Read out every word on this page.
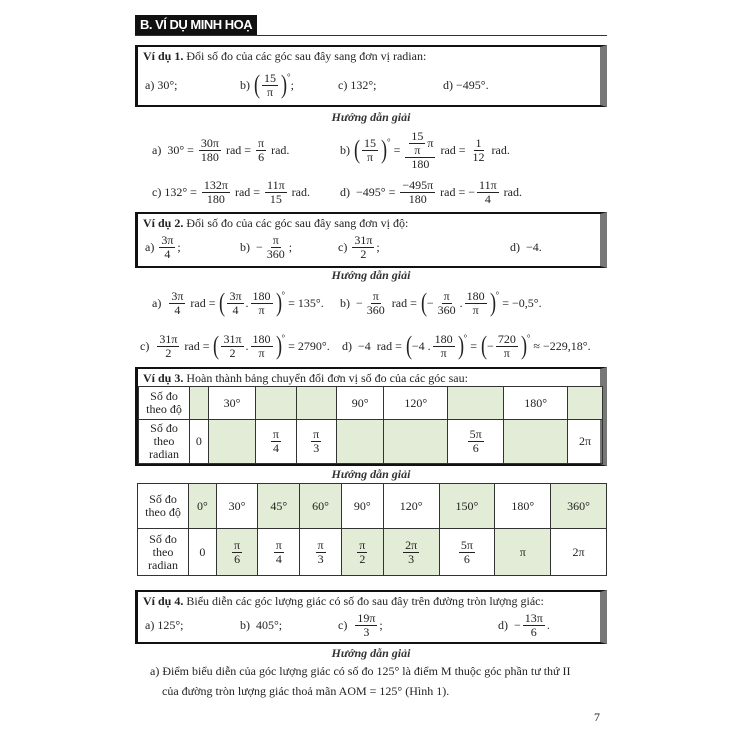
B. VÍ DỤ MINH HOẠ
Ví dụ 1. Đổi số đo của các góc sau đây sang đơn vị radian:
a) 30°;	b) ( $\frac{15}{\pi} )^\circ$
;	c) 132°;	d) −495°.
Hướng dẫn giải
a)  $30^\circ = \frac{30\pi}{180}$ rad = $\frac{\pi}{6}$ rad.	b) ( $\frac{15}{\pi} )^\circ$
= $\frac{\frac{15}{\pi} \pi}{180}$ rad = $\frac{1}{12}$ rad.
c) $132^\circ = \frac{132\pi}{180}$ rad = $\frac{11\pi}{15}$ rad.	$d) -495^\circ = \frac{-495\pi}{180}$ rad = − $\frac{11\pi}{4}$ rad.
Ví dụ 2. Đổi số đo của các góc sau đây sang đơn vị độ:
$a) \frac{3\pi}{4}$ ;	$b) - \frac{\pi}{360}$ ;	$c) \frac{31\pi}{2}$ ;	d)  −4.
Hướng dẫn giải
$a) \frac{3\pi}{4}$ rad = ( $\frac{3\pi}{4}$ . $\frac{180}{\pi} )^\circ$
= 135°. $b) - \frac{\pi}{360}$ rad = ( − $\frac{\pi}{360}$ . $\frac{180}{\pi} )^\circ$
= −0,5°.
$c) \frac{31\pi}{2}$ rad = ( $\frac{31\pi}{2}$ . $\frac{180}{\pi} )^\circ$
= 2790°. d)  −4  rad = ( −4 . $\frac{180}{\pi} )^\circ$
= ( − $\frac{720}{\pi} )^\circ$
≈ −229,18°.
Ví dụ 3. Hoàn thành bảng chuyển đổi đơn vị số đo của các góc sau:
Số đo theo độ		30°			90°	120°		180°	
Số đo theo radian	0		$\frac{\pi}{4}$	$\frac{\pi}{3}$			$\frac{5\pi}{6}$		2π
Hướng dẫn giải
Số đo theo độ	0°	30°	45°	60°	90°	120°	150°	180°	360°
Số đo theo radian	0	$\frac{\pi}{6}$	$\frac{\pi}{4}$	$\frac{\pi}{3}$	$\frac{\pi}{2}$	$\frac{2\pi}{3}$	$\frac{5\pi}{6}$	π	2π
Ví dụ 4. Biểu diễn các góc lượng giác có số đo sau đây trên đường tròn lượng giác:
a) 125°;	b)  405°;	$c) \frac{19\pi}{3}$ ;	$d) - \frac{13\pi}{6}$ .
Hướng dẫn giải
a) Điểm biểu diễn của góc lượng giác có số đo 125° là điểm M thuộc góc phần tư thứ II
của đường tròn lượng giác thoả mãn AOM = 125° (Hình 1).
7
